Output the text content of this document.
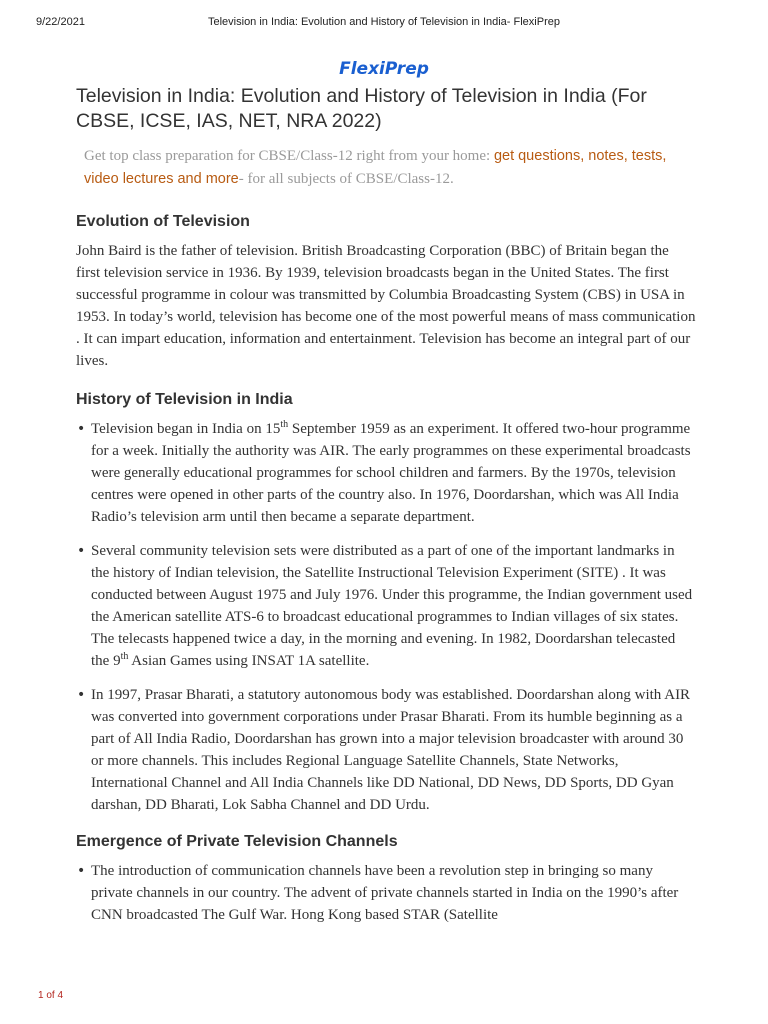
9/22/2021	Television in India: Evolution and History of Television in India- FlexiPrep
FlexiPrep
Television in India: Evolution and History of Television in India (For CBSE, ICSE, IAS, NET, NRA 2022)
Get top class preparation for CBSE/Class-12 right from your home: get questions, notes, tests, video lectures and more- for all subjects of CBSE/Class-12.
Evolution of Television

John Baird is the father of television. British Broadcasting Corporation (BBC) of Britain began the first television service in 1936. By 1939, television broadcasts began in the United States. The first successful programme in colour was transmitted by Columbia Broadcasting System (CBS) in USA in 1953. In today’s world, television has become one of the most powerful means of mass communication . It can impart education, information and entertainment. Television has become an integral part of our lives.

History of Television in India
• Television began in India on 15th September 1959 as an experiment. It offered two-hour programme for a week. Initially the authority was AIR. The early programmes on these experimental broadcasts were generally educational programmes for school children and farmers. By the 1970s, television centres were opened in other parts of the country also. In 1976, Doordarshan, which was All India Radio’s television arm until then became a separate department.
• Several community television sets were distributed as a part of one of the important landmarks in the history of Indian television, the Satellite Instructional Television Experiment (SITE) . It was conducted between August 1975 and July 1976. Under this programme, the Indian government used the American satellite ATS-6 to broadcast educational programmes to Indian villages of six states. The telecasts happened twice a day, in the morning and evening. In 1982, Doordarshan telecasted the 9th Asian Games using INSAT 1A satellite.
• In 1997, Prasar Bharati, a statutory autonomous body was established. Doordarshan along with AIR was converted into government corporations under Prasar Bharati. From its humble beginning as a part of All India Radio, Doordarshan has grown into a major television broadcaster with around 30 or more channels. This includes Regional Language Satellite Channels, State Networks, International Channel and All India Channels like DD National, DD News, DD Sports, DD Gyan darshan, DD Bharati, Lok Sabha Channel and DD Urdu.
Emergence of Private Television Channels
• The introduction of communication channels have been a revolution step in bringing so many private channels in our country. The advent of private channels started in India on the 1990’s after CNN broadcasted The Gulf War. Hong Kong based STAR (Satellite
1 of 4
